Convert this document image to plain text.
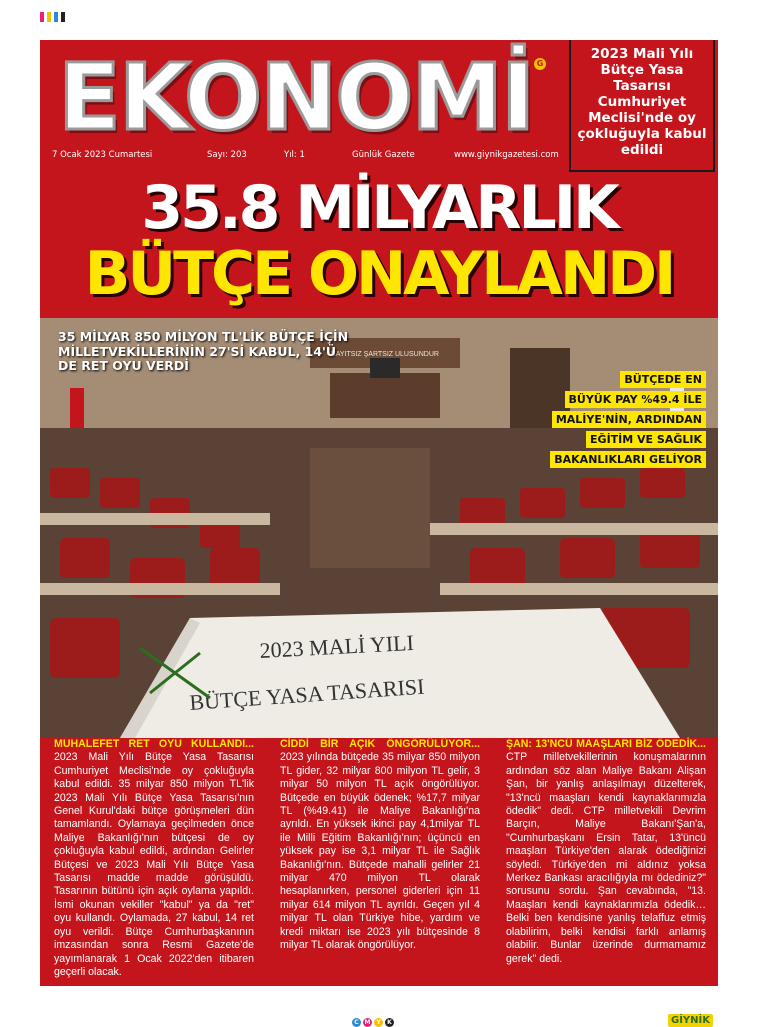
EKONOMİ G
7 Ocak 2023 Cumartesi	Sayı: 203	Yıl: 1	Günlük Gazete	www.giynikgazetesi.com
2023 Mali Yılı Bütçe Yasa Tasarısı Cumhuriyet Meclisi'nde oy çokluğuyla kabul edildi
35.8 MİLYARLIK
BÜTÇE ONAYLANDI
KAYITSIZ ŞARTSIZ ULUSUNDUR
2023 MALİ YILI
BÜTÇE YASA TASARISI
35 MİLYAR 850 MİLYON TL'LİK BÜTÇE İÇİN MİLLETVEKİLLERİNİN 27'Sİ KABUL, 14'Ü DE RET OYU VERDİ
BÜTÇEDE EN
BÜYÜK PAY %49.4 İLE
MALİYE'NİN, ARDINDAN
EĞİTİM VE SAĞLIK
BAKANLIKLARI GELİYOR

MUHALEFET RET OYU KULLANDI... 2023 Mali Yılı Bütçe Yasa Tasarısı Cumhuriyet Meclisi'nde oy çokluğuyla kabul edildi. 35 milyar 850 milyon TL'lik 2023 Mali Yılı Bütçe Yasa Tasarısı'nın Genel Kurul'daki bütçe görüşmeleri dün tamamlandı. Oylamaya geçilmeden önce Maliye Bakanlığı'nın bütçesi de oy çokluğuyla kabul edildi, ardından Gelirler Bütçesi ve 2023 Mali Yılı Bütçe Yasa Tasarısı madde madde görüşüldü. Tasarının bütünü için açık oylama yapıldı. İsmi okunan vekiller "kabul" ya da "ret" oyu kullandı. Oylamada, 27 kabul, 14 ret oyu verildi. Bütçe Cumhurbaşkanının imzasından sonra Resmi Gazete'de yayımlanarak 1 Ocak 2022'den itibaren geçerli olacak.

CİDDİ BİR AÇIK ÖNGÖRÜLÜYOR... 2023 yılında bütçede 35 milyar 850 milyon TL gider, 32 milyar 800 milyon TL gelir, 3 milyar 50 milyon TL açık öngörülüyor. Bütçede en büyük ödenek; %17,7 milyar TL (%49.41) ile Maliye Bakanlığı'na ayrıldı. En yüksek ikinci pay 4,1milyar TL ile Milli Eğitim Bakanlığı'nın; üçüncü en yüksek pay ise 3,1 milyar TL ile Sağlık Bakanlığı'nın. Bütçede mahalli gelirler 21 milyar 470 milyon TL olarak hesaplanırken, personel giderleri için 11 milyar 614 milyon TL ayrıldı. Geçen yıl 4 milyar TL olan Türkiye hibe, yardım ve kredi miktarı ise 2023 yılı bütçesinde 8 milyar TL olarak öngörülüyor.

ŞAN: 13'NCÜ MAAŞLARI BİZ ÖDEDİK... CTP milletvekillerinin konuşmalarının ardından söz alan Maliye Bakanı Alişan Şan, bir yanlış anlaşılmayı düzelterek, "13'ncü maaşları kendi kaynaklarımızla ödedik" dedi. CTP milletvekili Devrim Barçın, Maliye Bakanı'Şan'a, "Cumhurbaşkanı Ersin Tatar, 13'üncü maaşları Türkiye'den alarak ödediğinizi söyledi. Türkiye'den mi aldınız yoksa Merkez Bankası aracılığıyla mı ödediniz?" sorusunu sordu. Şan cevabında, "13. Maaşları kendi kaynaklarımızla ödedik… Belki ben kendisine yanlış telaffuz etmiş olabilirim, belki kendisi farklı anlamış olabilir. Bunlar üzerinde durmamamız gerek" dedi.

C M Y	K	GİYNİK
